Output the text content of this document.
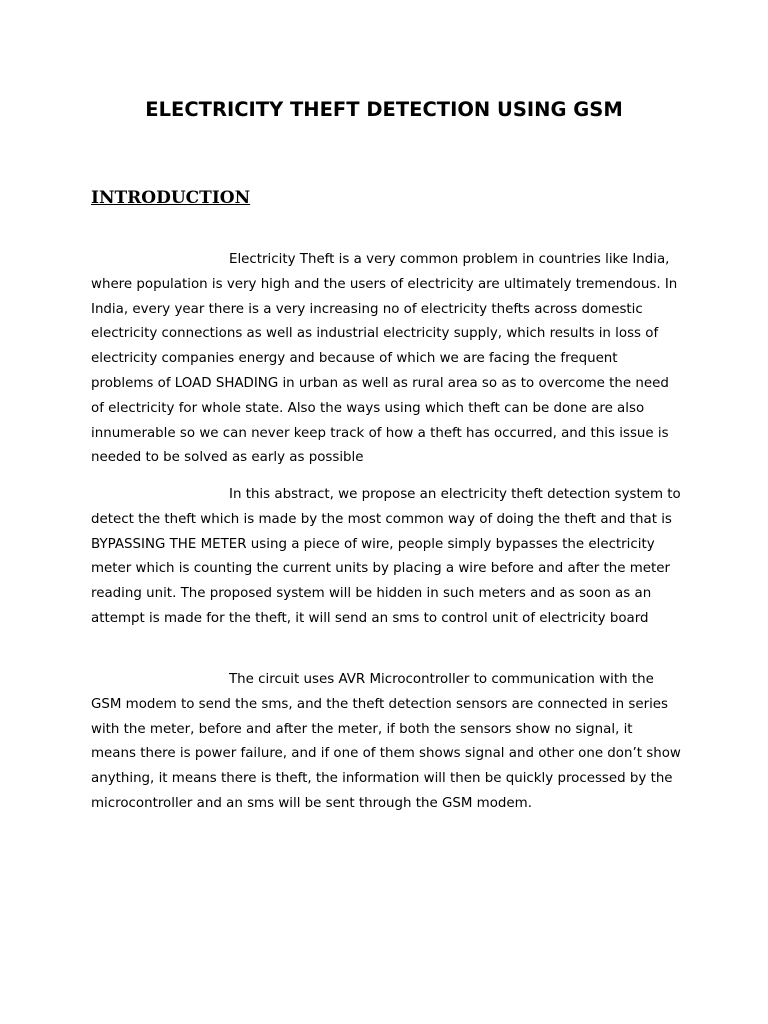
ELECTRICITY THEFT DETECTION USING GSM
INTRODUCTION

Electricity Theft is a very common problem in countries like India, where population is very high and the users of electricity are ultimately tremendous. In India, every year there is a very increasing no of electricity thefts across domestic electricity connections as well as industrial electricity supply, which results in loss of electricity companies energy and because of which we are facing the frequent problems of LOAD SHADING in urban as well as rural area so as to overcome the need of electricity for whole state. Also the ways using which theft can be done are also innumerable so we can never keep track of how a theft has occurred, and this issue is needed to be solved as early as possible

In this abstract, we propose an electricity theft detection system to detect the theft which is made by the most common way of doing the theft and that is BYPASSING THE METER using a piece of wire, people simply bypasses the electricity meter which is counting the current units by placing a wire before and after the meter reading unit. The proposed system will be hidden in such meters and as soon as an attempt is made for the theft, it will send an sms to control unit of electricity board

The circuit uses AVR Microcontroller to communication with the GSM modem to send the sms, and the theft detection sensors are connected in series with the meter, before and after the meter, if both the sensors show no signal, it means there is power failure, and if one of them shows signal and other one don’t show anything, it means there is theft, the information will then be quickly processed by the microcontroller and an sms will be sent through the GSM modem.
